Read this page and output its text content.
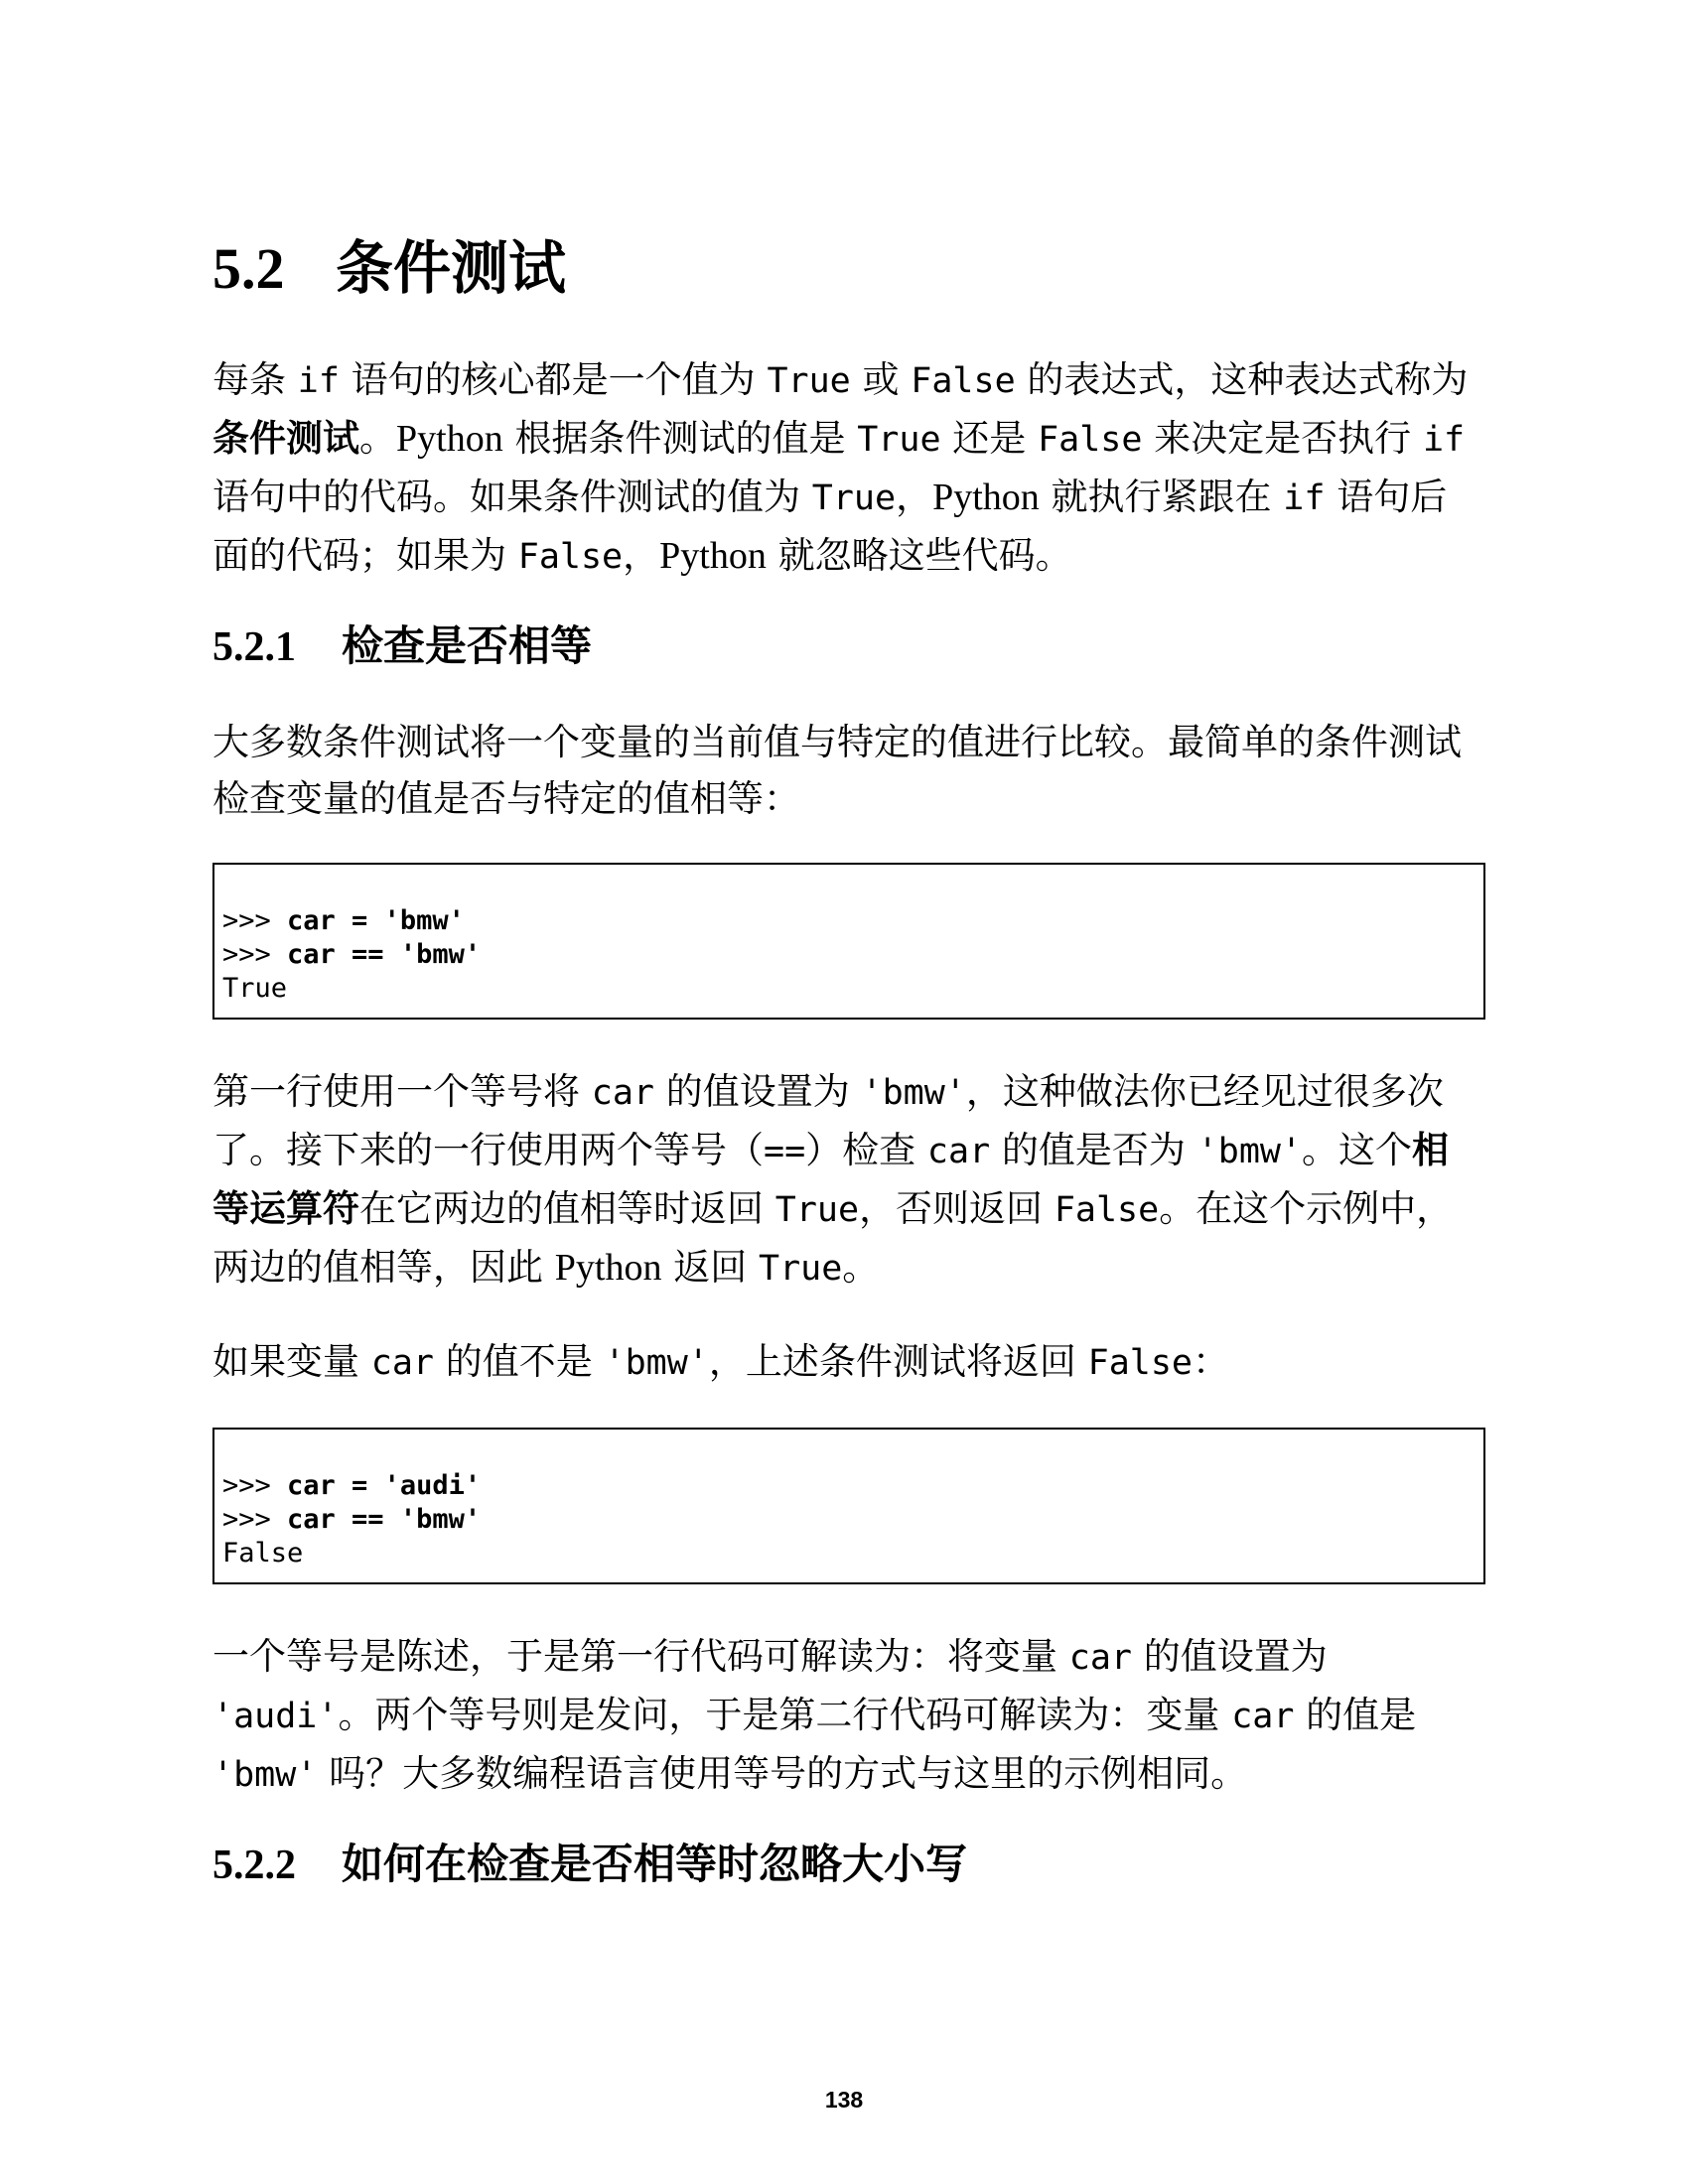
5.2 条件测试

每条 if 语句的核心都是一个值为 True 或 False 的表达式，这种表达式称为条件测试。Python 根据条件测试的值是 True 还是 False 来决定是否执行 if 语句中的代码。如果条件测试的值为 True，Python 就执行紧跟在 if 语句后面的代码；如果为 False，Python 就忽略这些代码。

5.2.1 检查是否相等

大多数条件测试将一个变量的当前值与特定的值进行比较。最简单的条件测试检查变量的值是否与特定的值相等：

>>> car = 'bmw'
>>> car == 'bmw'
True

第一行使用一个等号将 car 的值设置为 'bmw'，这种做法你已经见过很多次了。接下来的一行使用两个等号（==）检查 car 的值是否为 'bmw'。这个相等运算符在它两边的值相等时返回 True，否则返回 False。在这个示例中，两边的值相等，因此 Python 返回 True。

如果变量 car 的值不是 'bmw'，上述条件测试将返回 False：

>>> car = 'audi'
>>> car == 'bmw'
False

一个等号是陈述，于是第一行代码可解读为：将变量 car 的值设置为 'audi'。两个等号则是发问，于是第二行代码可解读为：变量 car 的值是 'bmw' 吗？大多数编程语言使用等号的方式与这里的示例相同。

5.2.2 如何在检查是否相等时忽略大小写
138
